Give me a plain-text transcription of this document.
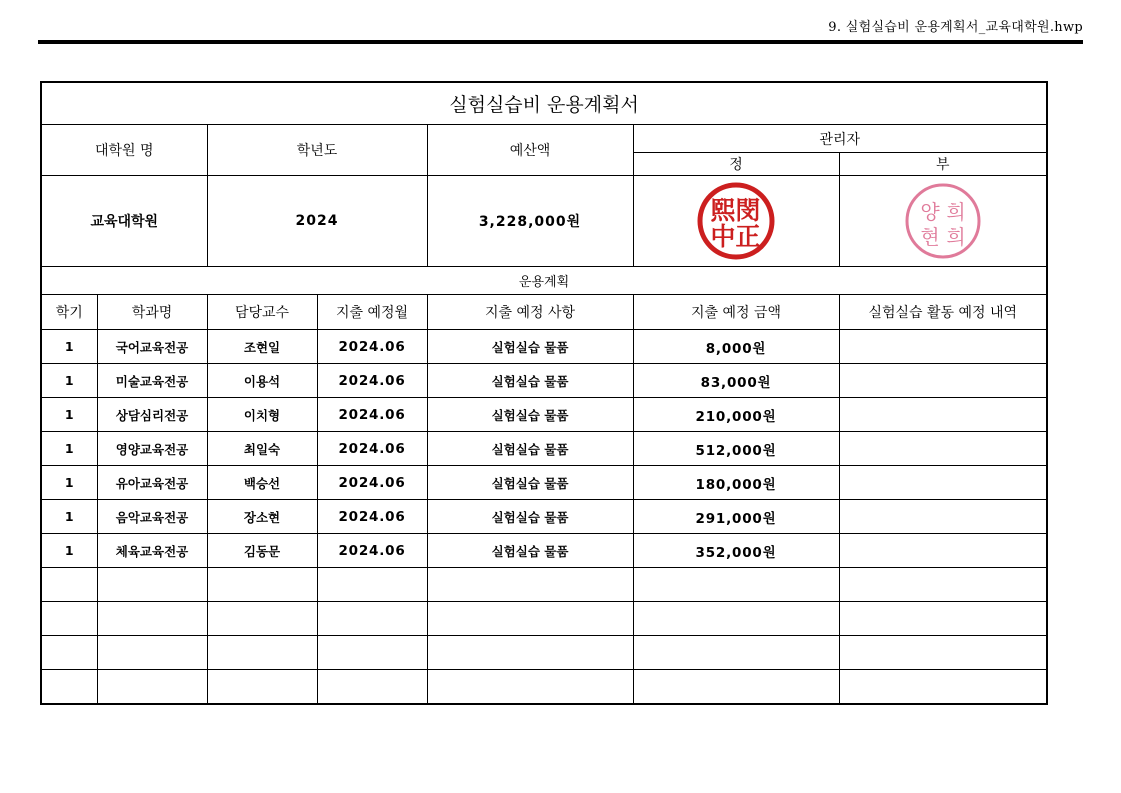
9. 실험실습비 운용계획서_교육대학원.hwp
실험실습비 운용계획서						
대학원 명		학년도		예산액	관리자	
					정	부
교육대학원		2024		3,228,000원	閔
正
熙
中	양 희
현 희

운용계획						
학기	학과명	담당교수	지출 예정월	지출 예정 사항	지출 예정 금액	실험실습 활동 예정 내역
1	국어교육전공	조현일	2024.06	실험실습 물품	8,000원	
1	미술교육전공	이용석	2024.06	실험실습 물품	83,000원	
1	상담심리전공	이치형	2024.06	실험실습 물품	210,000원	
1	영양교육전공	최일숙	2024.06	실험실습 물품	512,000원	
1	유아교육전공	백승선	2024.06	실험실습 물품	180,000원	
1	음악교육전공	장소현	2024.06	실험실습 물품	291,000원	
1	체육교육전공	김동문	2024.06	실험실습 물품	352,000원	
